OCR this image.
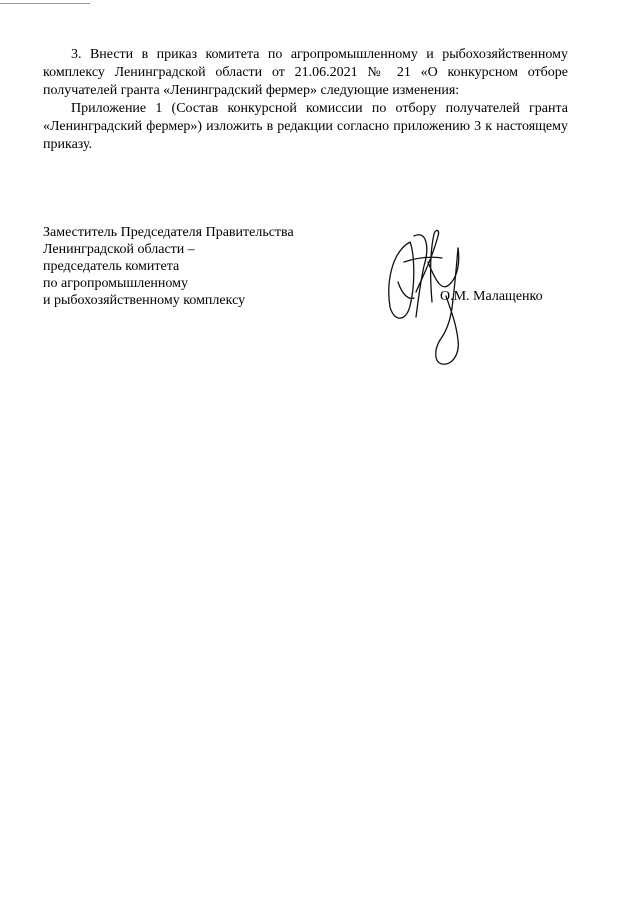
3. Внести в приказ комитета по агропромышленному и рыбохозяйственному комплексу Ленинградской области от 21.06.2021 № 21 «О конкурсном отборе получателей гранта «Ленинградский фермер» следующие изменения:

Приложение 1 (Состав конкурсной комиссии по отбору получателей гранта «Ленинградский фермер») изложить в редакции согласно приложению 3 к настоящему приказу.

Заместитель Председателя Правительства
Ленинградской области –
председатель комитета
по агропромышленному
и рыбохозяйственному комплексу	О.М. Малащенко
